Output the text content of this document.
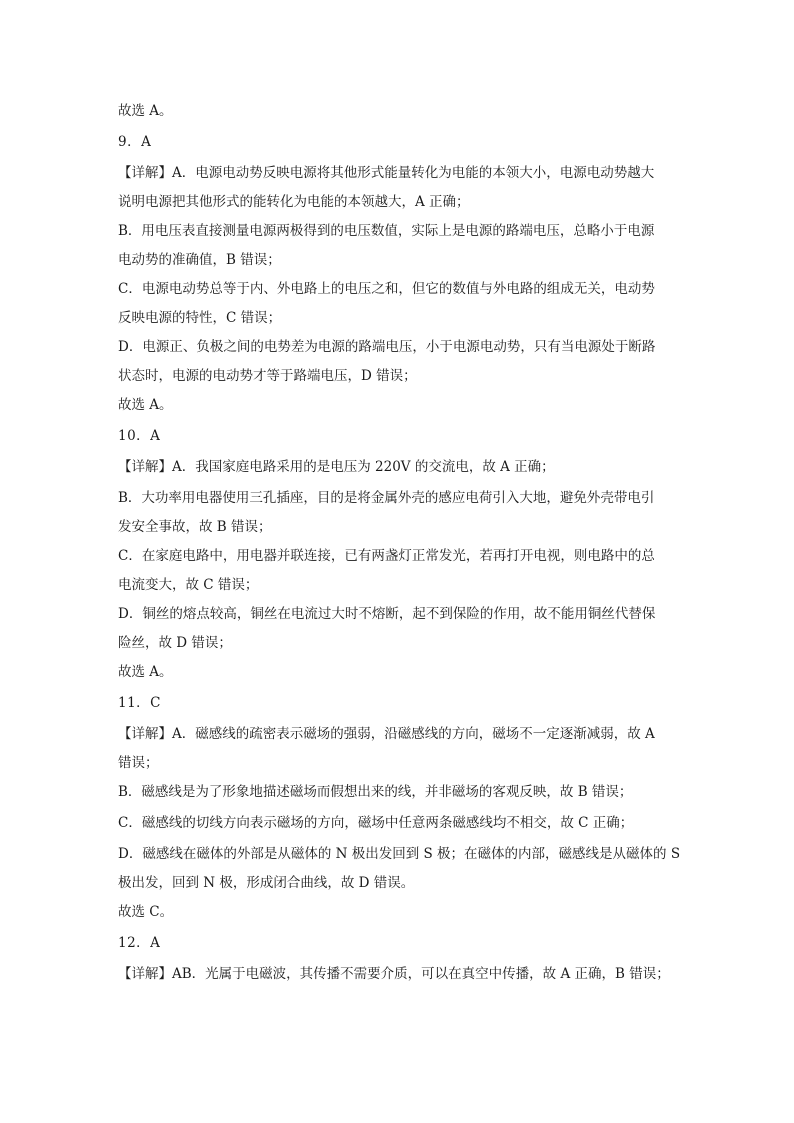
故选 A。
9．A
【详解】A．电源电动势反映电源将其他形式能量转化为电能的本领大小，电源电动势越大
说明电源把其他形式的能转化为电能的本领越大，A 正确；
B．用电压表直接测量电源两极得到的电压数值，实际上是电源的路端电压，总略小于电源
电动势的准确值，B 错误；
C．电源电动势总等于内、外电路上的电压之和，但它的数值与外电路的组成无关，电动势
反映电源的特性，C 错误；
D．电源正、负极之间的电势差为电源的路端电压，小于电源电动势，只有当电源处于断路
状态时，电源的电动势才等于路端电压，D 错误；
故选 A。
10．A
【详解】A．我国家庭电路采用的是电压为 220V 的交流电，故 A 正确；
B．大功率用电器使用三孔插座，目的是将金属外壳的感应电荷引入大地，避免外壳带电引
发安全事故，故 B 错误；
C．在家庭电路中，用电器并联连接，已有两盏灯正常发光，若再打开电视，则电路中的总
电流变大，故 C 错误；
D．铜丝的熔点较高，铜丝在电流过大时不熔断，起不到保险的作用，故不能用铜丝代替保
险丝，故 D 错误；
故选 A。
11．C
【详解】A．磁感线的疏密表示磁场的强弱，沿磁感线的方向，磁场不一定逐渐减弱，故 A
错误；
B．磁感线是为了形象地描述磁场而假想出来的线，并非磁场的客观反映，故 B 错误；
C．磁感线的切线方向表示磁场的方向，磁场中任意两条磁感线均不相交，故 C 正确；
D．磁感线在磁体的外部是从磁体的 N 极出发回到 S 极；在磁体的内部，磁感线是从磁体的 S
极出发，回到 N 极，形成闭合曲线，故 D 错误。
故选 C。
12．A
【详解】AB．光属于电磁波，其传播不需要介质，可以在真空中传播，故 A 正确，B 错误；
